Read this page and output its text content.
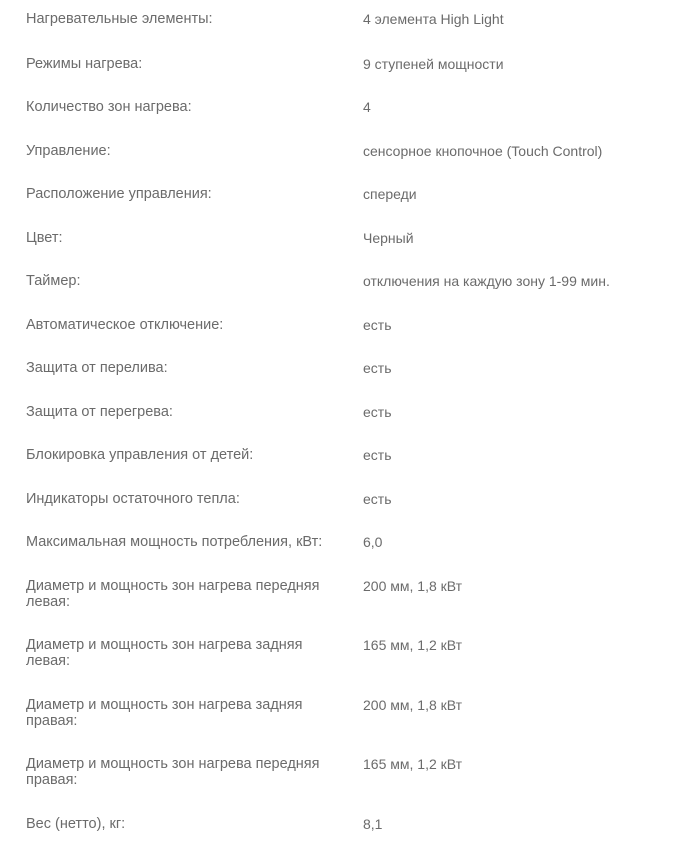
Нагревательные элементы:	4 элемента High Light
Режимы нагрева:	9 ступеней мощности
Количество зон нагрева:	4
Управление:	сенсорное кнопочное (Touch Control)
Расположение управления:	спереди
Цвет:	Черный
Таймер:	отключения на каждую зону 1-99 мин.
Автоматическое отключение:	есть
Защита от перелива:	есть
Защита от перегрева:	есть
Блокировка управления от детей:	есть
Индикаторы остаточного тепла:	есть
Максимальная мощность потребления, кВт:	6,0
Диаметр и мощность зон нагрева передняя левая:
200 мм, 1,8 кВт
Диаметр и мощность зон нагрева задняя левая:
165 мм, 1,2 кВт
Диаметр и мощность зон нагрева задняя правая:
200 мм, 1,8 кВт
Диаметр и мощность зон нагрева передняя правая:
165 мм, 1,2 кВт
Вес (нетто), кг:	8,1
